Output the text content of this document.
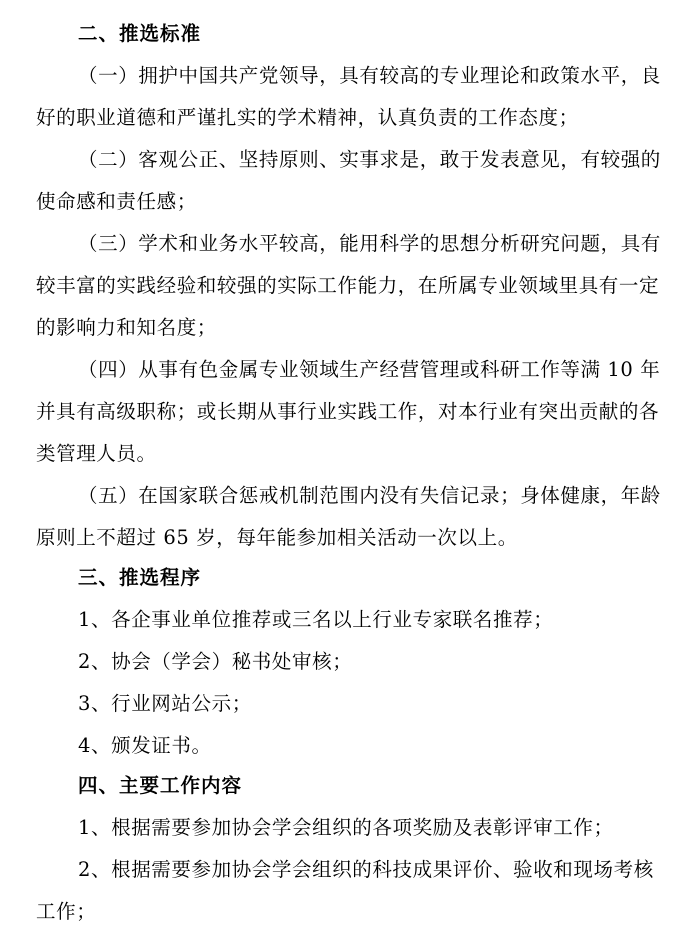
二、推选标准
（一）拥护中国共产党领导，具有较高的专业理论和政策水平，良
好的职业道德和严谨扎实的学术精神，认真负责的工作态度；
（二）客观公正、坚持原则、实事求是，敢于发表意见，有较强的
使命感和责任感；
（三）学术和业务水平较高，能用科学的思想分析研究问题，具有
较丰富的实践经验和较强的实际工作能力，在所属专业领域里具有一定
的影响力和知名度；
（四）从事有色金属专业领域生产经营管理或科研工作等满 10 年
并具有高级职称；或长期从事行业实践工作，对本行业有突出贡献的各
类管理人员。
（五）在国家联合惩戒机制范围内没有失信记录；身体健康，年龄
原则上不超过 65 岁，每年能参加相关活动一次以上。
三、推选程序
1、各企事业单位推荐或三名以上行业专家联名推荐；
2、协会（学会）秘书处审核；
3、行业网站公示；
4、颁发证书。
四、主要工作内容
1、根据需要参加协会学会组织的各项奖励及表彰评审工作；
2、根据需要参加协会学会组织的科技成果评价、验收和现场考核
工作；
